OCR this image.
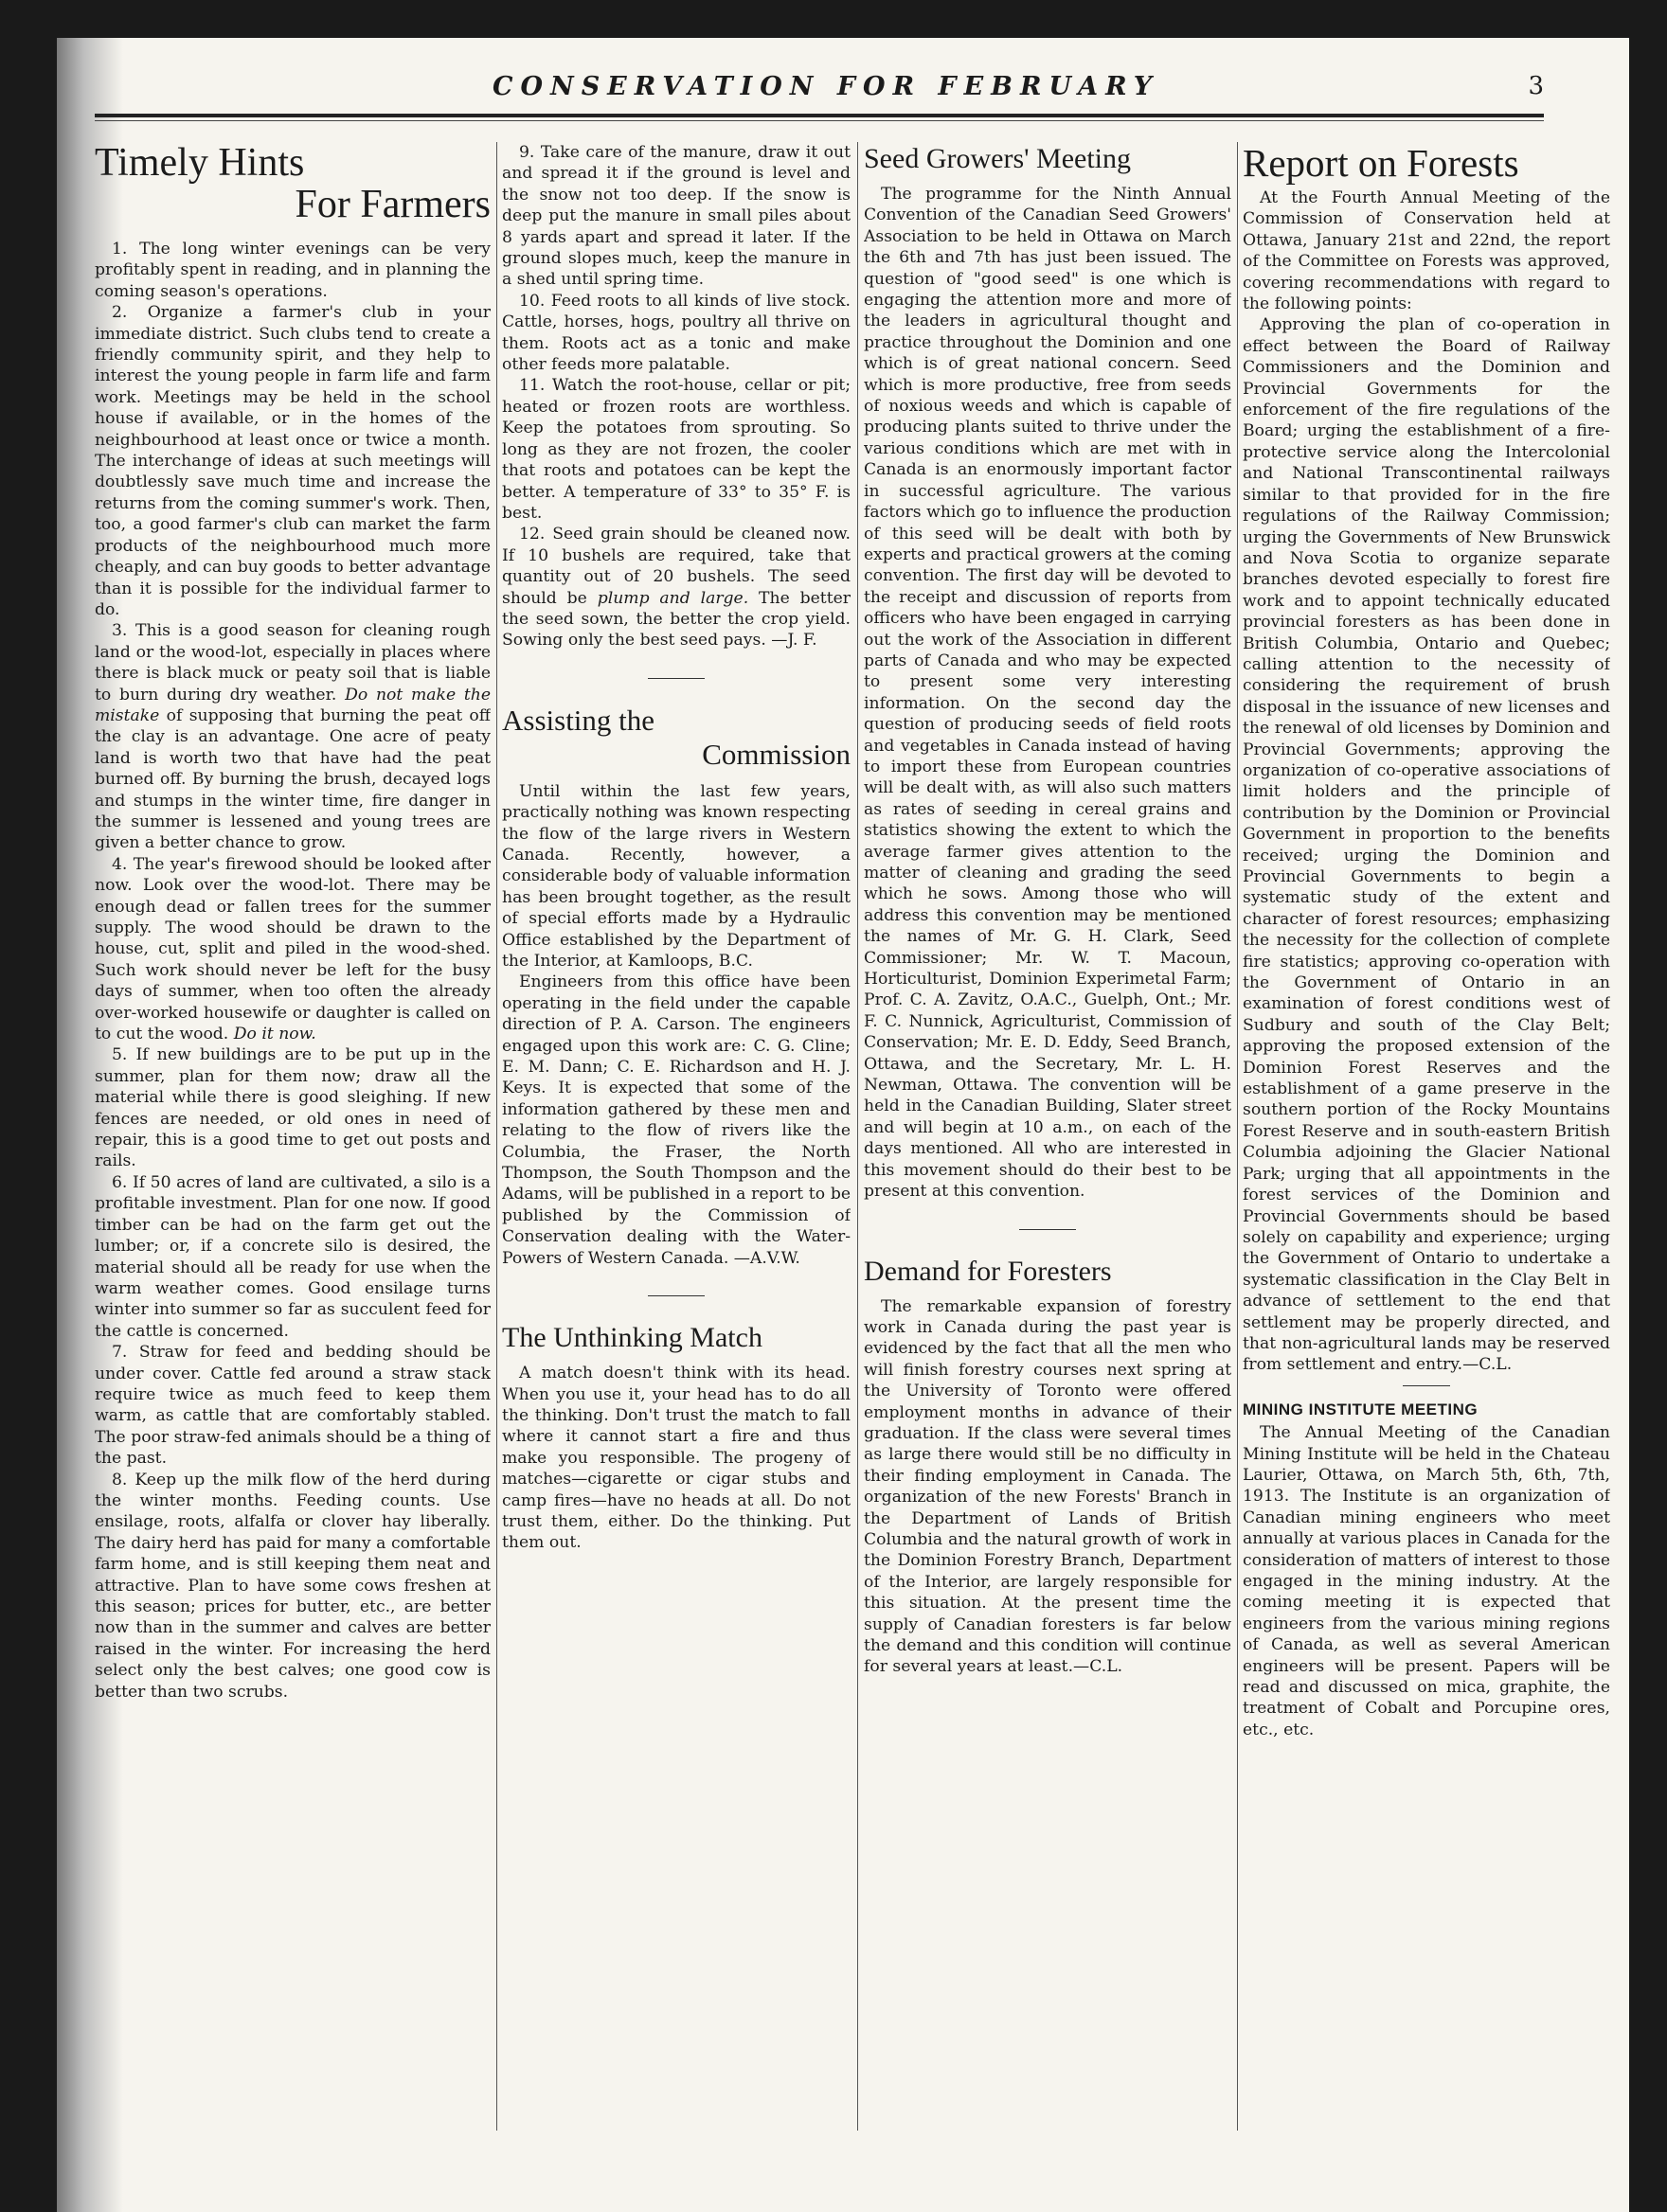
CONSERVATION FOR FEBRUARY	3
Timely Hints
For Farmers

1. The long winter evenings can be very profitably spent in reading, and in planning the coming season's operations.

2. Organize a farmer's club in your immediate district. Such clubs tend to create a friendly community spirit, and they help to interest the young people in farm life and farm work. Meetings may be held in the school house if available, or in the homes of the neighbourhood at least once or twice a month. The interchange of ideas at such meetings will doubtlessly save much time and increase the returns from the coming summer's work. Then, too, a good farmer's club can market the farm products of the neighbourhood much more cheaply, and can buy goods to better advantage than it is possible for the individual farmer to do.

3. This is a good season for cleaning rough land or the wood-lot, especially in places where there is black muck or peaty soil that is liable to burn during dry weather. Do not make the mistake of supposing that burning the peat off the clay is an advantage. One acre of peaty land is worth two that have had the peat burned off. By burning the brush, decayed logs and stumps in the winter time, fire danger in the summer is lessened and young trees are given a better chance to grow.

4. The year's firewood should be looked after now. Look over the wood-lot. There may be enough dead or fallen trees for the summer supply. The wood should be drawn to the house, cut, split and piled in the wood-shed. Such work should never be left for the busy days of summer, when too often the already over-worked housewife or daughter is called on to cut the wood. Do it now.

5. If new buildings are to be put up in the summer, plan for them now; draw all the material while there is good sleighing. If new fences are needed, or old ones in need of repair, this is a good time to get out posts and rails.

6. If 50 acres of land are cultivated, a silo is a profitable investment. Plan for one now. If good timber can be had on the farm get out the lumber; or, if a concrete silo is desired, the material should all be ready for use when the warm weather comes. Good ensilage turns winter into summer so far as succulent feed for the cattle is concerned.

7. Straw for feed and bedding should be under cover. Cattle fed around a straw stack require twice as much feed to keep them warm, as cattle that are comfortably stabled. The poor straw-fed animals should be a thing of the past.

8. Keep up the milk flow of the herd during the winter months. Feeding counts. Use ensilage, roots, alfalfa or clover hay liberally. The dairy herd has paid for many a comfortable farm home, and is still keeping them neat and attractive. Plan to have some cows freshen at this season; prices for butter, etc., are better now than in the summer and calves are better raised in the winter. For increasing the herd select only the best calves; one good cow is better than two scrubs.

9. Take care of the manure, draw it out and spread it if the ground is level and the snow not too deep. If the snow is deep put the manure in small piles about 8 yards apart and spread it later. If the ground slopes much, keep the manure in a shed until spring time.

10. Feed roots to all kinds of live stock. Cattle, horses, hogs, poultry all thrive on them. Roots act as a tonic and make other feeds more palatable.

11. Watch the root-house, cellar or pit; heated or frozen roots are worthless. Keep the potatoes from sprouting. So long as they are not frozen, the cooler that roots and potatoes can be kept the better. A temperature of 33° to 35° F. is best.

12. Seed grain should be cleaned now. If 10 bushels are required, take that quantity out of 20 bushels. The seed should be plump and large. The better the seed sown, the better the crop yield. Sowing only the best seed pays. —J. F.

Assisting the
Commission

Until within the last few years, practically nothing was known respecting the flow of the large rivers in Western Canada. Recently, however, a considerable body of valuable information has been brought together, as the result of special efforts made by a Hydraulic Office established by the Department of the Interior, at Kamloops, B.C.

Engineers from this office have been operating in the field under the capable direction of P. A. Carson. The engineers engaged upon this work are: C. G. Cline; E. M. Dann; C. E. Richardson and H. J. Keys. It is expected that some of the information gathered by these men and relating to the flow of rivers like the Columbia, the Fraser, the North Thompson, the South Thompson and the Adams, will be published in a report to be published by the Commission of Conservation dealing with the Water-Powers of Western Canada. —A.V.W.

The Unthinking Match

A match doesn't think with its head. When you use it, your head has to do all the thinking. Don't trust the match to fall where it cannot start a fire and thus make you responsible. The progeny of matches—cigarette or cigar stubs and camp fires—have no heads at all. Do not trust them, either. Do the thinking. Put them out.

Seed Growers' Meeting

The programme for the Ninth Annual Convention of the Canadian Seed Growers' Association to be held in Ottawa on March the 6th and 7th has just been issued. The question of "good seed" is one which is engaging the attention more and more of the leaders in agricultural thought and practice throughout the Dominion and one which is of great national concern. Seed which is more productive, free from seeds of noxious weeds and which is capable of producing plants suited to thrive under the various conditions which are met with in Canada is an enormously important factor in successful agriculture. The various factors which go to influence the production of this seed will be dealt with both by experts and practical growers at the coming convention. The first day will be devoted to the receipt and discussion of reports from officers who have been engaged in carrying out the work of the Association in different parts of Canada and who may be expected to present some very interesting information. On the second day the question of producing seeds of field roots and vegetables in Canada instead of having to import these from European countries will be dealt with, as will also such matters as rates of seeding in cereal grains and statistics showing the extent to which the average farmer gives attention to the matter of cleaning and grading the seed which he sows. Among those who will address this convention may be mentioned the names of Mr. G. H. Clark, Seed Commissioner; Mr. W. T. Macoun, Horticulturist, Dominion Experimetal Farm; Prof. C. A. Zavitz, O.A.C., Guelph, Ont.; Mr. F. C. Nunnick, Agriculturist, Commission of Conservation; Mr. E. D. Eddy, Seed Branch, Ottawa, and the Secretary, Mr. L. H. Newman, Ottawa. The convention will be held in the Canadian Building, Slater street and will begin at 10 a.m., on each of the days mentioned. All who are interested in this movement should do their best to be present at this convention.

Demand for Foresters

The remarkable expansion of forestry work in Canada during the past year is evidenced by the fact that all the men who will finish forestry courses next spring at the University of Toronto were offered employment months in advance of their graduation. If the class were several times as large there would still be no difficulty in their finding employment in Canada. The organization of the new Forests' Branch in the Department of Lands of British Columbia and the natural growth of work in the Dominion Forestry Branch, Department of the Interior, are largely responsible for this situation. At the present time the supply of Canadian foresters is far below the demand and this condition will continue for several years at least.—C.L.

Report on Forests

At the Fourth Annual Meeting of the Commission of Conservation held at Ottawa, January 21st and 22nd, the report of the Committee on Forests was approved, covering recommendations with regard to the following points:

Approving the plan of co-operation in effect between the Board of Railway Commissioners and the Dominion and Provincial Governments for the enforcement of the fire regulations of the Board; urging the establishment of a fire-protective service along the Intercolonial and National Transcontinental railways similar to that provided for in the fire regulations of the Railway Commission; urging the Governments of New Brunswick and Nova Scotia to organize separate branches devoted especially to forest fire work and to appoint technically educated provincial foresters as has been done in British Columbia, Ontario and Quebec; calling attention to the necessity of considering the requirement of brush disposal in the issuance of new licenses and the renewal of old licenses by Dominion and Provincial Governments; approving the organization of co-operative associations of limit holders and the principle of contribution by the Dominion or Provincial Government in proportion to the benefits received; urging the Dominion and Provincial Governments to begin a systematic study of the extent and character of forest resources; emphasizing the necessity for the collection of complete fire statistics; approving co-operation with the Government of Ontario in an examination of forest conditions west of Sudbury and south of the Clay Belt; approving the proposed extension of the Dominion Forest Reserves and the establishment of a game preserve in the southern portion of the Rocky Mountains Forest Reserve and in south-eastern British Columbia adjoining the Glacier National Park; urging that all appointments in the forest services of the Dominion and Provincial Governments should be based solely on capability and experience; urging the Government of Ontario to undertake a systematic classification in the Clay Belt in advance of settlement to the end that settlement may be properly directed, and that non-agricultural lands may be reserved from settlement and entry.—C.L.

MINING INSTITUTE MEETING

The Annual Meeting of the Canadian Mining Institute will be held in the Chateau Laurier, Ottawa, on March 5th, 6th, 7th, 1913. The Institute is an organization of Canadian mining engineers who meet annually at various places in Canada for the consideration of matters of interest to those engaged in the mining industry. At the coming meeting it is expected that engineers from the various mining regions of Canada, as well as several American engineers will be present. Papers will be read and discussed on mica, graphite, the treatment of Cobalt and Porcupine ores, etc., etc.
